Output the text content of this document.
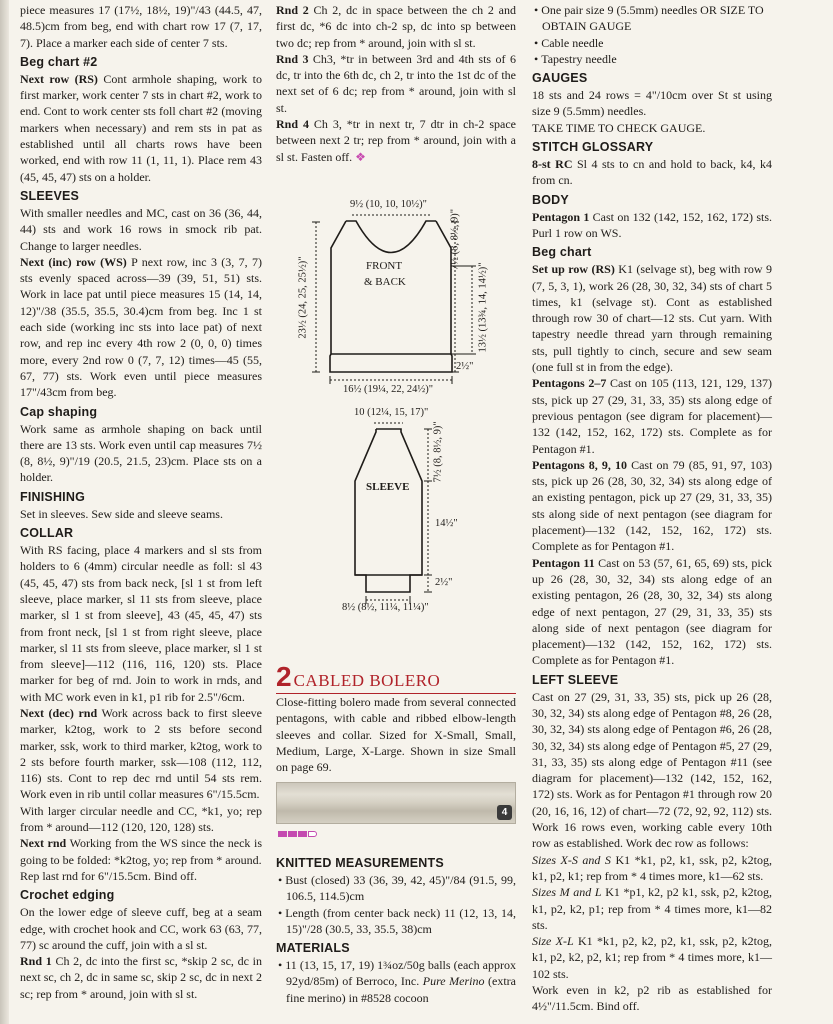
piece measures 17 (17½, 18½, 19)"/43 (44.5, 47, 48.5)cm from beg, end with chart row 17 (7, 17, 7). Place a marker each side of center 7 sts.

Beg chart #2

Next row (RS) Cont armhole shaping, work to first marker, work center 7 sts in chart #2, work to end. Cont to work center sts foll chart #2 (moving markers when necessary) and rem sts in pat as established until all charts rows have been worked, end with row 11 (1, 11, 1). Place rem 43 (45, 45, 47) sts on a holder.

SLEEVES

With smaller needles and MC, cast on 36 (36, 44, 44) sts and work 16 rows in smock rib pat. Change to larger needles.

Next (inc) row (WS) P next row, inc 3 (3, 7, 7) sts evenly spaced across—39 (39, 51, 51) sts. Work in lace pat until piece measures 15 (14, 14, 12)"/38 (35.5, 35.5, 30.4)cm from beg. Inc 1 st each side (working inc sts into lace pat) of next row, and rep inc every 4th row 2 (0, 0, 0) times more, every 2nd row 0 (7, 7, 12) times—45 (55, 67, 77) sts. Work even until piece measures 17"/43cm from beg.

Cap shaping

Work same as armhole shaping on back until there are 13 sts. Work even until cap measures 7½ (8, 8½, 9)"/19 (20.5, 21.5, 23)cm. Place sts on a holder.

FINISHING

Set in sleeves. Sew side and sleeve seams.

COLLAR

With RS facing, place 4 markers and sl sts from holders to 6 (4mm) circular needle as foll: sl 43 (45, 45, 47) sts from back neck, [sl 1 st from left sleeve, place marker, sl 11 sts from sleeve, place marker, sl 1 st from sleeve], 43 (45, 45, 47) sts from front neck, [sl 1 st from right sleeve, place marker, sl 11 sts from sleeve, place marker, sl 1 st from sleeve]—112 (116, 116, 120) sts. Place marker for beg of rnd. Join to work in rnds, and with MC work even in k1, p1 rib for 2.5"/6cm.

Next (dec) rnd Work across back to first sleeve marker, k2tog, work to 2 sts before second marker, ssk, work to third marker, k2tog, work to 2 sts before fourth marker, ssk—108 (112, 112, 116) sts. Cont to rep dec rnd until 54 sts rem. Work even in rib until collar measures 6"/15.5cm.

With larger circular needle and CC, *k1, yo; rep from * around—112 (120, 120, 128) sts.

Next rnd Working from the WS since the neck is going to be folded: *k2tog, yo; rep from * around.

Rep last rnd for 6"/15.5cm. Bind off.

Crochet edging

On the lower edge of sleeve cuff, beg at a seam edge, with crochet hook and CC, work 63 (63, 77, 77) sc around the cuff, join with a sl st.

Rnd 1 Ch 2, dc into the first sc, *skip 2 sc, dc in next sc, ch 2, dc in same sc, skip 2 sc, dc in next 2 sc; rep from * around, join with sl st.

Rnd 2 Ch 2, dc in space between the ch 2 and first dc, *6 dc into ch-2 sp, dc into sp between two dc; rep from * around, join with sl st.

Rnd 3 Ch3, *tr in between 3rd and 4th sts of 6 dc, tr into the 6th dc, ch 2, tr into the 1st dc of the next set of 6 dc; rep from * around, join with sl st.

Rnd 4 Ch 3, *tr in next tr, 7 dtr in ch-2 space between next 2 tr; rep from * around, join with a sl st. Fasten off. ❖

9½ (10, 10, 10½)"
FRONT
& BACK
23½ (24, 25, 25½)"
7½ (8, 8½, 9)"
13½ (13¾, 14, 14½)"
2½"
16½ (19¼, 22, 24½)"
10 (12¼, 15, 17)"
SLEEVE
7½ (8, 8½, 9)"
14½"
2½"
8½ (8½, 11¼, 11¼)"
2 CABLED BOLERO

Close-fitting bolero made from several connected pentagons, with cable and ribbed elbow-length sleeves and collar. Sized for X-Small, Small, Medium, Large, X-Large. Shown in size Small on page 69.

4
KNITTED MEASUREMENTS

• Bust (closed) 33 (36, 39, 42, 45)"/84 (91.5, 99, 106.5, 114.5)cm

• Length (from center back neck) 11 (12, 13, 14, 15)"/28 (30.5, 33, 35.5, 38)cm

MATERIALS

• 11 (13, 15, 17, 19) 1¾oz/50g balls (each approx 92yd/85m) of Berroco, Inc. Pure Merino (extra fine merino) in #8528 cocoon

• One pair size 9 (5.5mm) needles OR SIZE TO OBTAIN GAUGE

• Cable needle

• Tapestry needle

GAUGES

18 sts and 24 rows = 4"/10cm over St st using size 9 (5.5mm) needles.

TAKE TIME TO CHECK GAUGE.

STITCH GLOSSARY

8-st RC Sl 4 sts to cn and hold to back, k4, k4 from cn.

BODY

Pentagon 1 Cast on 132 (142, 152, 162, 172) sts. Purl 1 row on WS.

Beg chart

Set up row (RS) K1 (selvage st), beg with row 9 (7, 5, 3, 1), work 26 (28, 30, 32, 34) sts of chart 5 times, k1 (selvage st). Cont as established through row 30 of chart—12 sts. Cut yarn. With tapestry needle thread yarn through remaining sts, pull tightly to cinch, secure and sew seam (one full st in from the edge).

Pentagons 2–7 Cast on 105 (113, 121, 129, 137) sts, pick up 27 (29, 31, 33, 35) sts along edge of previous pentagon (see digram for placement)—132 (142, 152, 162, 172) sts. Complete as for Pentagon #1.

Pentagons 8, 9, 10 Cast on 79 (85, 91, 97, 103) sts, pick up 26 (28, 30, 32, 34) sts along edge of an existing pentagon, pick up 27 (29, 31, 33, 35) sts along side of next pentagon (see diagram for placement)—132 (142, 152, 162, 172) sts. Complete as for Pentagon #1.

Pentagon 11 Cast on 53 (57, 61, 65, 69) sts, pick up 26 (28, 30, 32, 34) sts along edge of an existing pentagon, 26 (28, 30, 32, 34) sts along edge of next pentagon, 27 (29, 31, 33, 35) sts along side of next pentagon (see diagram for placement)—132 (142, 152, 162, 172) sts. Complete as for Pentagon #1.

LEFT SLEEVE

Cast on 27 (29, 31, 33, 35) sts, pick up 26 (28, 30, 32, 34) sts along edge of Pentagon #8, 26 (28, 30, 32, 34) sts along edge of Pentagon #6, 26 (28, 30, 32, 34) sts along edge of Pentagon #5, 27 (29, 31, 33, 35) sts along edge of Pentagon #11 (see diagram for placement)—132 (142, 152, 162, 172) sts. Work as for Pentagon #1 through row 20 (20, 16, 16, 12) of chart—72 (72, 92, 92, 112) sts. Work 16 rows even, working cable every 10th row as established. Work dec row as follows:

Sizes X-S and S K1 *k1, p2, k1, ssk, p2, k2tog, k1, p2, k1; rep from * 4 times more, k1—62 sts.

Sizes M and L K1 *p1, k2, p2 k1, ssk, p2, k2tog, k1, p2, k2, p1; rep from * 4 times more, k1—82 sts.

Size X-L K1 *k1, p2, k2, p2, k1, ssk, p2, k2tog, k1, p2, k2, p2, k1; rep from * 4 times more, k1—102 sts.

Work even in k2, p2 rib as established for 4½"/11.5cm. Bind off.
